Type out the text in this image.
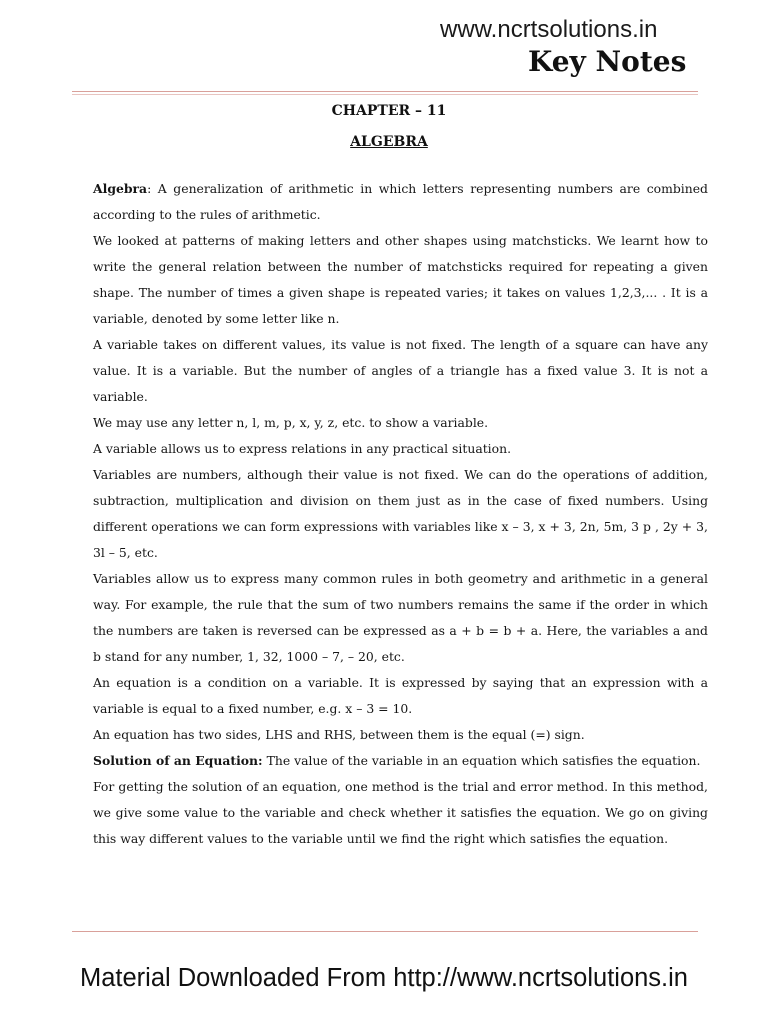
www.ncrtsolutions.in
Key Notes
CHAPTER – 11
ALGEBRA

Algebra: A generalization of arithmetic in which letters representing numbers are combined according to the rules of arithmetic.

We looked at patterns of making letters and other shapes using matchsticks. We learnt how to write the general relation between the number of matchsticks required for repeating a given shape. The number of times a given shape is repeated varies; it takes on values 1,2,3,... . It is a variable, denoted by some letter like n.

A variable takes on different values, its value is not fixed. The length of a square can have any value. It is a variable. But the number of angles of a triangle has a fixed value 3. It is not a variable.

We may use any letter n, l, m, p, x, y, z, etc. to show a variable.

A variable allows us to express relations in any practical situation.

Variables are numbers, although their value is not fixed. We can do the operations of addition, subtraction, multiplication and division on them just as in the case of fixed numbers. Using different operations we can form expressions with variables like x – 3, x + 3, 2n, 5m, 3 p , 2y + 3, 3l – 5, etc.

Variables allow us to express many common rules in both geometry and arithmetic in a general way. For example, the rule that the sum of two numbers remains the same if the order in which the numbers are taken is reversed can be expressed as a + b = b + a. Here, the variables a and b stand for any number, 1, 32, 1000 – 7, – 20, etc.

An equation is a condition on a variable. It is expressed by saying that an expression with a variable is equal to a fixed number, e.g. x – 3 = 10.

An equation has two sides, LHS and RHS, between them is the equal (=) sign.

Solution of an Equation: The value of the variable in an equation which satisfies the equation.

For getting the solution of an equation, one method is the trial and error method. In this method, we give some value to the variable and check whether it satisfies the equation. We go on giving this way different values to the variable until we find the right which satisfies the equation.

Material Downloaded From http://www.ncrtsolutions.in
